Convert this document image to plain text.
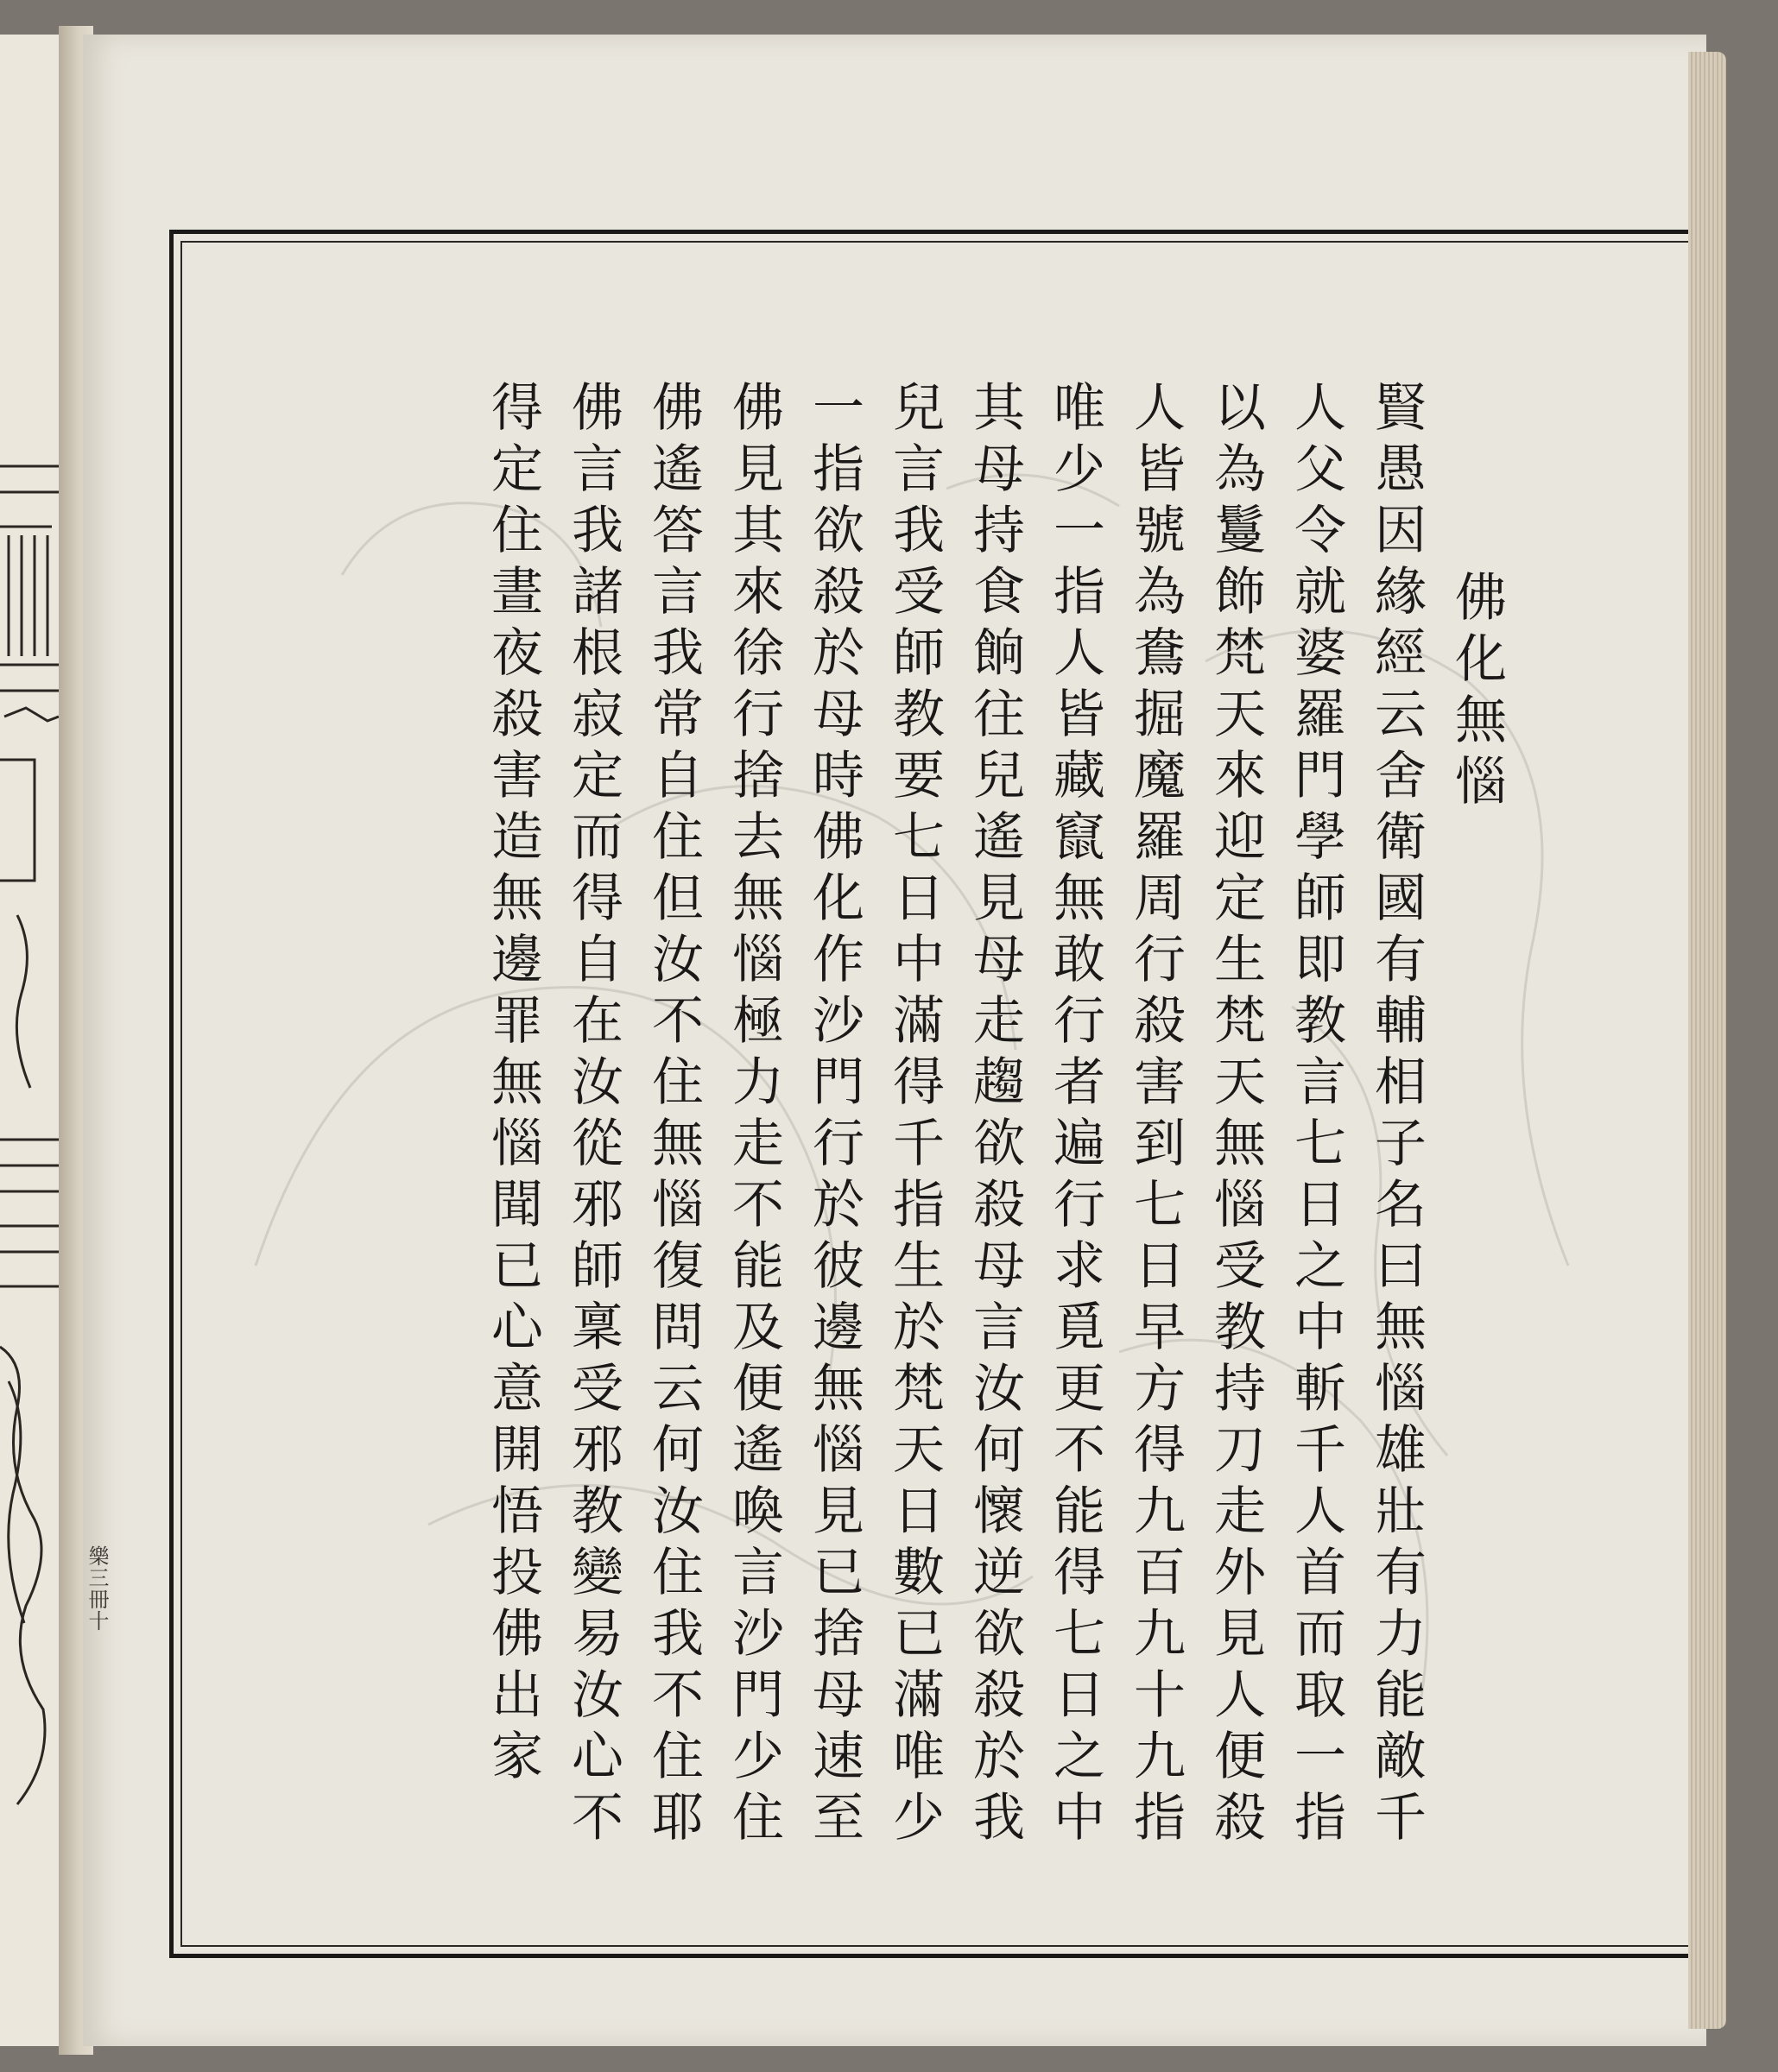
佛化無惱
賢愚因緣經云舍衛國有輔相子名曰無惱雄壯有力能敵千
人父令就婆羅門學師即教言七日之中斬千人首而取一指
以為鬘飾梵天來迎定生梵天無惱受教持刀走外見人便殺
人皆號為鴦掘魔羅周行殺害到七日早方得九百九十九指
唯少一指人皆藏竄無敢行者遍行求覓更不能得七日之中
其母持食餉往兒遙見母走趨欲殺母言汝何懷逆欲殺於我
兒言我受師教要七日中滿得千指生於梵天日數已滿唯少
一指欲殺於母時佛化作沙門行於彼邊無惱見已捨母速至
佛見其來徐行捨去無惱極力走不能及便遙喚言沙門少住
佛遙答言我常自住但汝不住無惱復問云何汝住我不住耶
佛言我諸根寂定而得自在汝從邪師稟受邪教變易汝心不
得定住晝夜殺害造無邊罪無惱聞已心意開悟投佛出家
樂三冊十
